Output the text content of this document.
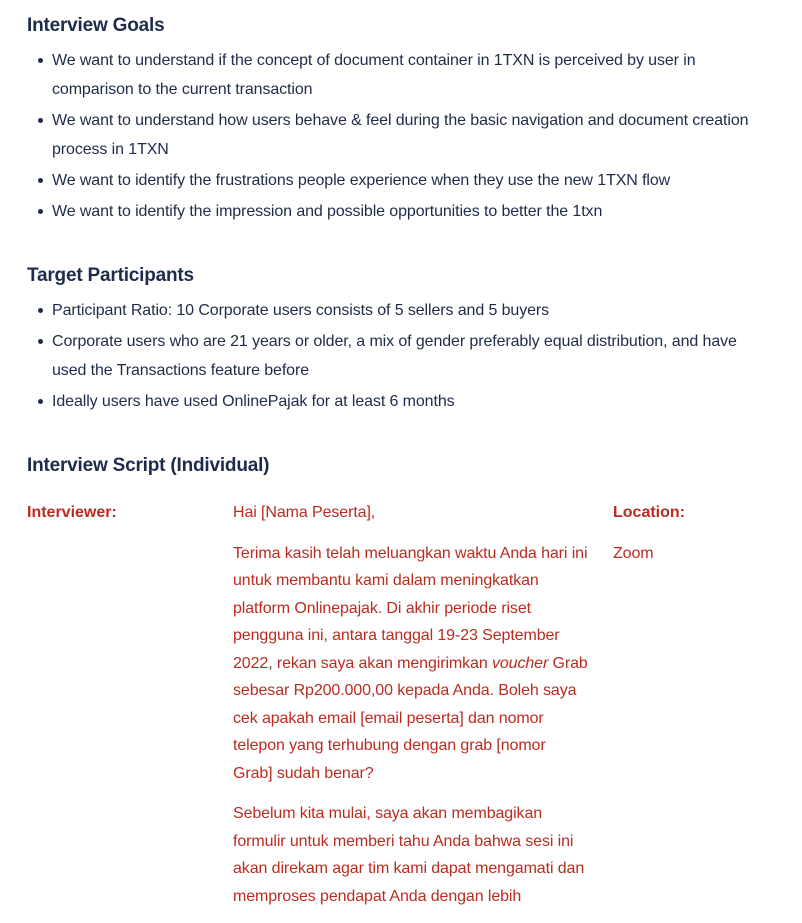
Interview Goals
We want to understand if the concept of document container in 1TXN is perceived by user in comparison to the current transaction
We want to understand how users behave & feel during the basic navigation and document creation process in 1TXN
We want to identify the frustrations people experience when they use the new 1TXN flow
We want to identify the impression and possible opportunities to better the 1txn
Target Participants
Participant Ratio: 10 Corporate users consists of 5 sellers and 5 buyers
Corporate users who are 21 years or older, a mix of gender preferably equal distribution, and have used the Transactions feature before
Ideally users have used OnlinePajak for at least 6 months
Interview Script (Individual)

Interviewer:	Hai [Nama Peserta],

Terima kasih telah meluangkan waktu Anda hari ini untuk membantu kami dalam meningkatkan platform Onlinepajak. Di akhir periode riset pengguna ini, antara tanggal 19-23 September 2022, rekan saya akan mengirimkan voucher Grab sebesar Rp200.000,00 kepada Anda. Boleh saya cek apakah email [email peserta] dan nomor telepon yang terhubung dengan grab [nomor Grab] sudah benar?

Sebelum kita mulai, saya akan membagikan formulir untuk memberi tahu Anda bahwa sesi ini akan direkam agar tim kami dapat mengamati dan memproses pendapat Anda dengan lebih

Location:

Zoom
